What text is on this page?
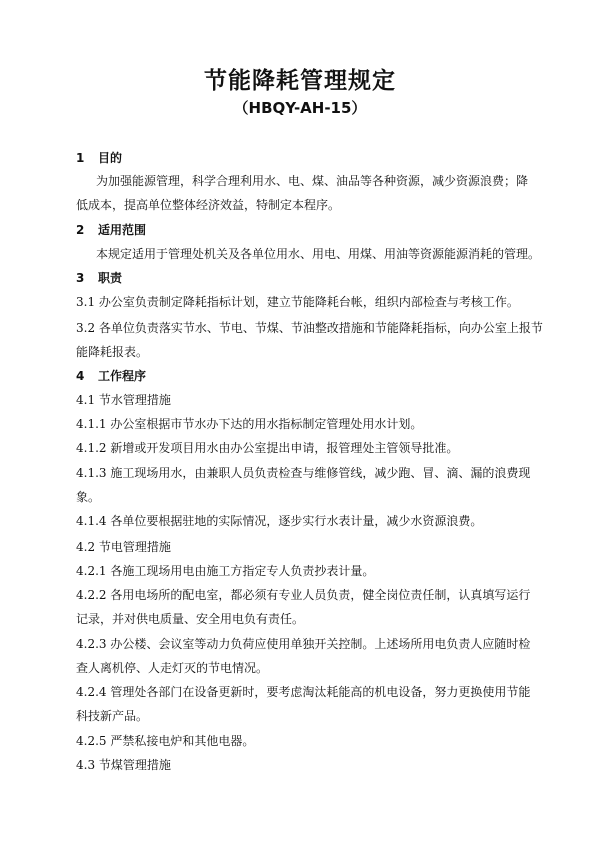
节能降耗管理规定
（HBQY-AH-15）
1 目的
为加强能源管理，科学合理利用水、电、煤、油品等各种资源，减少资源浪费；降
低成本，提高单位整体经济效益，特制定本程序。
2 适用范围
本规定适用于管理处机关及各单位用水、用电、用煤、用油等资源能源消耗的管理。
3 职责
3.1 办公室负责制定降耗指标计划，建立节能降耗台帐，组织内部检查与考核工作。
3.2 各单位负责落实节水、节电、节煤、节油整改措施和节能降耗指标，向办公室上报节
能降耗报表。
4 工作程序
4.1 节水管理措施
4.1.1 办公室根据市节水办下达的用水指标制定管理处用水计划。
4.1.2 新增或开发项目用水由办公室提出申请，报管理处主管领导批准。
4.1.3 施工现场用水，由兼职人员负责检查与维修管线，减少跑、冒、滴、漏的浪费现
象。
4.1.4 各单位要根据驻地的实际情况，逐步实行水表计量，减少水资源浪费。
4.2 节电管理措施
4.2.1 各施工现场用电由施工方指定专人负责抄表计量。
4.2.2 各用电场所的配电室，都必须有专业人员负责，健全岗位责任制，认真填写运行
记录，并对供电质量、安全用电负有责任。
4.2.3 办公楼、会议室等动力负荷应使用单独开关控制。上述场所用电负责人应随时检
查人离机停、人走灯灭的节电情况。
4.2.4 管理处各部门在设备更新时，要考虑淘汰耗能高的机电设备，努力更换使用节能
科技新产品。
4.2.5 严禁私接电炉和其他电器。
4.3 节煤管理措施
